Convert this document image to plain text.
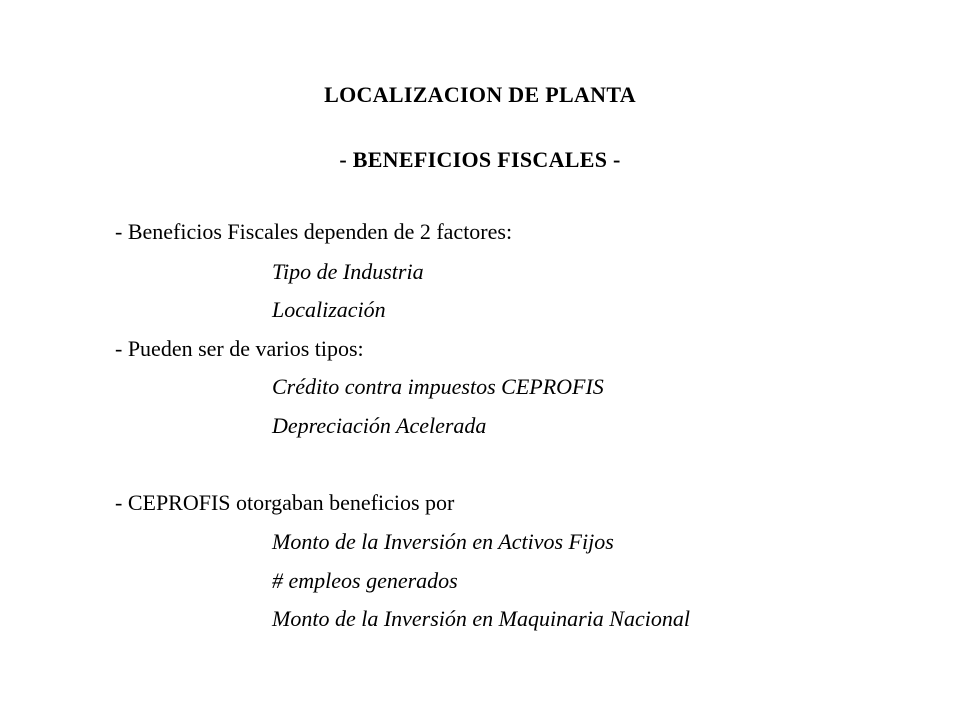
LOCALIZACION DE PLANTA
- BENEFICIOS FISCALES -
- Beneficios Fiscales dependen de 2 factores:
Tipo de Industria
Localización
- Pueden ser de varios tipos:
Crédito contra impuestos CEPROFIS
Depreciación Acelerada
- CEPROFIS otorgaban beneficios por
Monto de la Inversión en Activos Fijos
# empleos generados
Monto de la Inversión en Maquinaria Nacional
